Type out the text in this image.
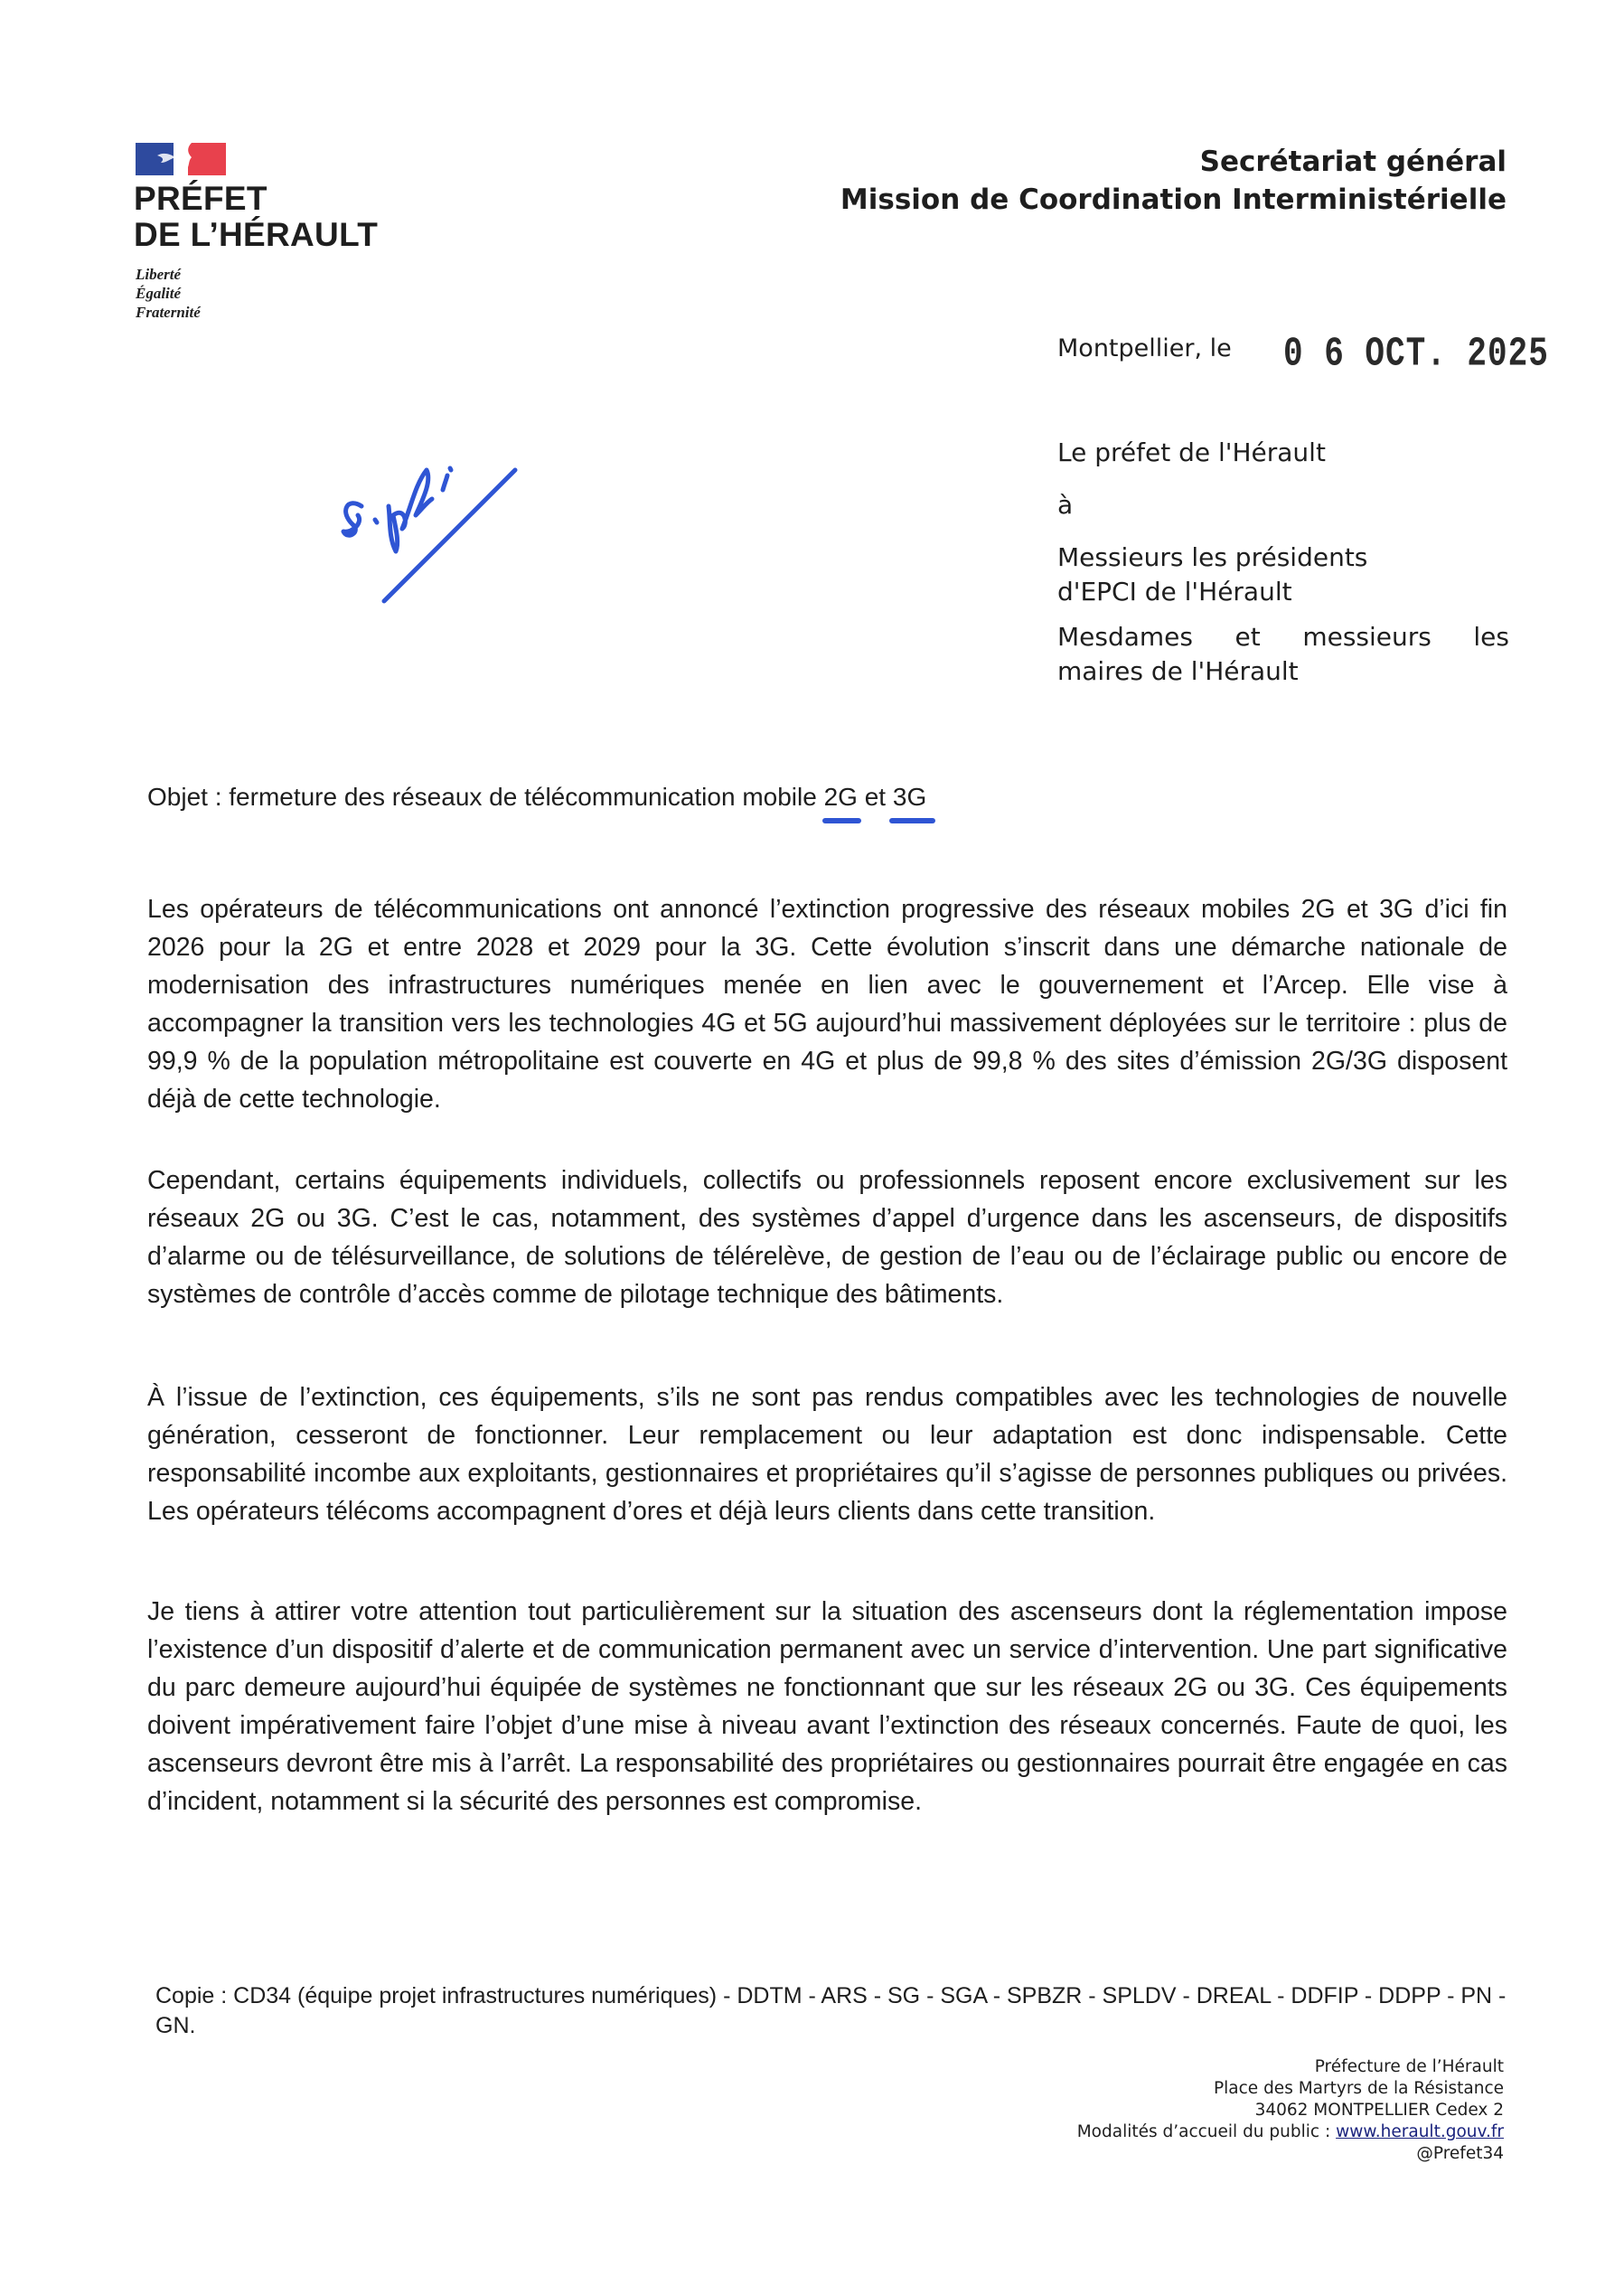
PRÉFET
DE L’HÉRAULT
Liberté
Égalité
Fraternité
Secrétariat général
Mission de Coordination Interministérielle
Montpellier, le 0 6 OCT. 2025
Le préfet de l'Hérault
à
Messieurs les présidents
d'EPCI de l'Hérault
Mesdames et messieurs les
maires de l'Hérault
Objet : fermeture des réseaux de télécommunication mobile 2G
et 3G
Les opérateurs de télécommunications ont annoncé l’extinction progressive des réseaux mobiles 2G et 3G d’ici fin 2026 pour la 2G et entre 2028 et 2029 pour la 3G. Cette évolution s’inscrit dans une démarche nationale de modernisation des infrastructures numériques menée en lien avec le gouvernement et l’Arcep. Elle vise à accompagner la transition vers les technologies 4G et 5G aujourd’hui massivement déployées sur le territoire : plus de 99,9 % de la population métropolitaine est couverte en 4G et plus de 99,8 % des sites d’émission 2G/3G disposent déjà de cette technologie.
Cependant, certains équipements individuels, collectifs ou professionnels reposent encore exclusivement sur les réseaux 2G ou 3G. C’est le cas, notamment, des systèmes d’appel d’urgence dans les ascenseurs, de dispositifs d’alarme ou de télésurveillance, de solutions de télérelève, de gestion de l’eau ou de l’éclairage public ou encore de systèmes de contrôle d’accès comme de pilotage technique des bâtiments.
À l’issue de l’extinction, ces équipements, s’ils ne sont pas rendus compatibles avec les technologies de nouvelle génération, cesseront de fonctionner. Leur remplacement ou leur adaptation est donc indispensable. Cette responsabilité incombe aux exploitants, gestionnaires et propriétaires qu’il s’agisse de personnes publiques ou privées. Les opérateurs télécoms accompagnent d’ores et déjà leurs clients dans cette transition.
Je tiens à attirer votre attention tout particulièrement sur la situation des ascenseurs dont la réglementation impose l’existence d’un dispositif d’alerte et de communication permanent avec un service d’intervention. Une part significative du parc demeure aujourd’hui équipée de systèmes ne fonctionnant que sur les réseaux 2G ou 3G. Ces équipements doivent impérativement faire l’objet d’une mise à niveau avant l’extinction des réseaux concernés. Faute de quoi, les ascenseurs devront être mis à l’arrêt. La responsabilité des propriétaires ou gestionnaires pourrait être engagée en cas d’incident, notamment si la sécurité des personnes est compromise.
Copie : CD34 (équipe projet infrastructures numériques) - DDTM - ARS - SG - SGA - SPBZR - SPLDV - DREAL - DDFIP - DDPP - PN - GN.
Préfecture de l’Hérault
Place des Martyrs de la Résistance
34062 MONTPELLIER Cedex 2
Modalités d’accueil du public : www.herault.gouv.fr
@Prefet34
